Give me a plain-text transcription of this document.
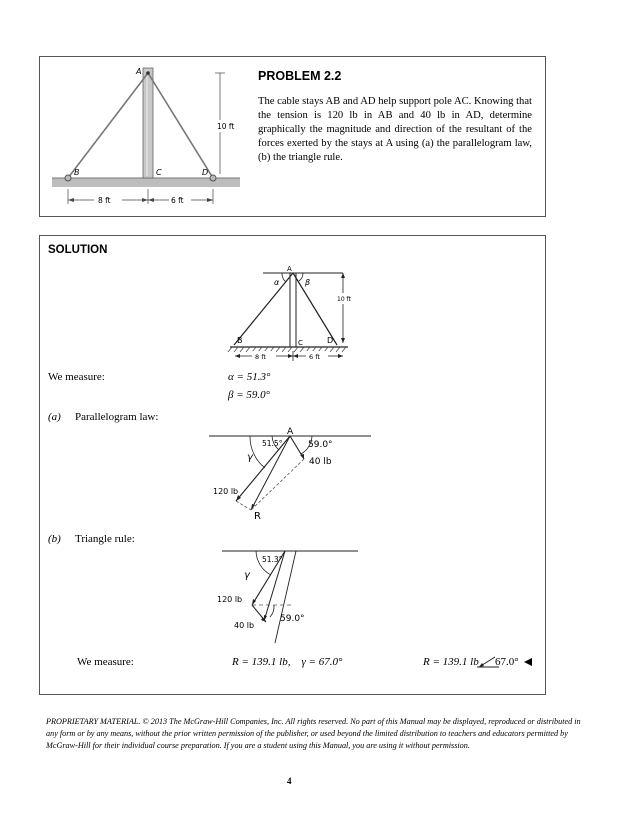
A
B	C	D
10 ft
8 ft	6 ft
PROBLEM 2.2
The cable stays AB and AD help support pole AC. Knowing that the tension is 120 lb in AB and 40 lb in AD, determine graphically the magnitude and direction of the resultant of the forces exerted by the stays at A using (a) the parallelogram law, (b) the triangle rule.
SOLUTION
A
α	β
10 ft
B	C	D
8 ft	6 ft
We measure:	α = 51.3°
β = 59.0°
(a) Parallelogram law:
A
51.5°	59.0°
γ	40 lb
120 lb
R
(b) Triangle rule:
51.3°
γ
120 lb
40 lb
59.0°
We measure:	R = 139.1 lb,    γ = 67.0°	R = 139.1 lb 67.0°
PROPRIETARY MATERIAL. © 2013 The McGraw-Hill Companies, Inc. All rights reserved. No part of this Manual may be displayed, reproduced or distributed in any form or by any means, without the prior written permission of the publisher, or used beyond the limited distribution to teachers and educators permitted by McGraw-Hill for their individual course preparation. If you are a student using this Manual, you are using it without permission.
4
